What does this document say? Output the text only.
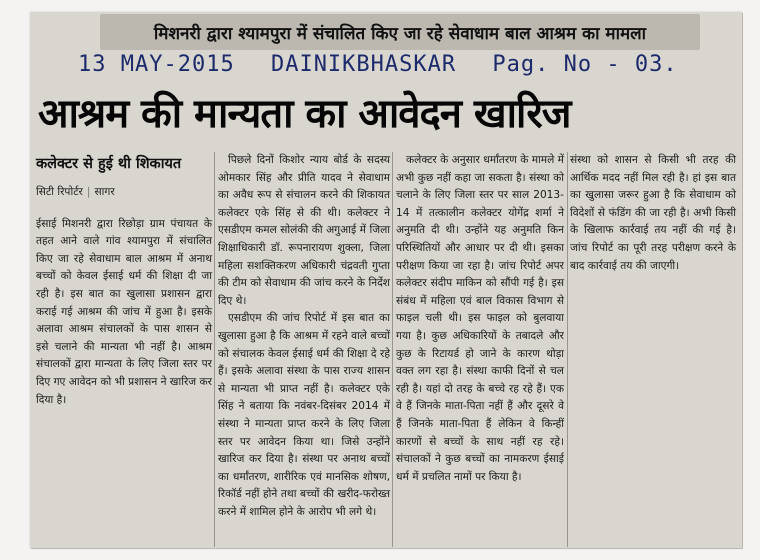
मिशनरी द्वारा श्यामपुरा में संचालित किए जा रहे सेवाधाम बाल आश्रम का मामला
13 MAY-2015 DAINIKBHASKAR Pag. No - 03.
आश्रम की मान्यता का आवेदन खारिज
कलेक्टर से हुई थी शिकायत
सिटी रिपोर्टर | सागर

ईसाई मिशनरी द्वारा रिछोड़ा ग्राम पंचायत के तहत आने वाले गांव श्यामपुरा में संचालित किए जा रहे सेवाधाम बाल आश्रम में अनाथ बच्चों को केवल ईसाई धर्म की शिक्षा दी जा रही है। इस बात का खुलासा प्रशासन द्वारा कराई गई आश्रम की जांच में हुआ है। इसके अलावा आश्रम संचालकों के पास शासन से इसे चलाने की मान्यता भी नहीं है। आश्रम संचालकों द्वारा मान्यता के लिए जिला स्तर पर दिए गए आवेदन को भी प्रशासन ने खारिज कर दिया है।

पिछले दिनों किशोर न्याय बोर्ड के सदस्य ओमकार सिंह और प्रीति यादव ने सेवाधाम का अवैध रूप से संचालन करने की शिकायत कलेक्टर एके सिंह से की थी। कलेक्टर ने एसडीएम कमल सोलंकी की अगुआई में जिला शिक्षाधिकारी डॉ. रूपनारायण शुक्ला, जिला महिला सशक्तिकरण अधिकारी चंद्रवती गुप्ता की टीम को सेवाधाम की जांच करने के निर्देश दिए थे।

एसडीएम की जांच रिपोर्ट में इस बात का खुलासा हुआ है कि आश्रम में रहने वाले बच्चों को संचालक केवल ईसाई धर्म की शिक्षा दे रहे हैं। इसके अलावा संस्था के पास राज्य शासन से मान्यता भी प्राप्त नहीं है। कलेक्टर एके सिंह ने बताया कि नवंबर-दिसंबर 2014 में संस्था ने मान्यता प्राप्त करने के लिए जिला स्तर पर आवेदन किया था। जिसे उन्होंने खारिज कर दिया है। संस्था पर अनाथ बच्चों का धर्मांतरण, शारीरिक एवं मानसिक शोषण, रिकॉर्ड नहीं होने तथा बच्चों की खरीद-फरोख्त करने में शामिल होने के आरोप भी लगे थे।

कलेक्टर के अनुसार धर्मांतरण के मामले में अभी कुछ नहीं कहा जा सकता है। संस्था को चलाने के लिए जिला स्तर पर साल 2013-14 में तत्कालीन कलेक्टर योगेंद्र शर्मा ने अनुमति दी थी। उन्होंने यह अनुमति किन परिस्थितियों और आधार पर दी थी। इसका परीक्षण किया जा रहा है। जांच रिपोर्ट अपर कलेक्टर संदीप माकिन को सौंपी गई है। इस संबंध में महिला एवं बाल विकास विभाग से फाइल चली थी। इस फाइल को बुलवाया गया है। कुछ अधिकारियों के तबादले और कुछ के रिटायर्ड हो जाने के कारण थोड़ा वक्त लग रहा है। संस्था काफी दिनों से चल रही है। यहां दो तरह के बच्चे रह रहे हैं। एक वे हैं जिनके माता-पिता नहीं हैं और दूसरे वे हैं जिनके माता-पिता हैं लेकिन वे किन्हीं कारणों से बच्चों के साथ नहीं रह रहे। संचालकों ने कुछ बच्चों का नामकरण ईसाई धर्म में प्रचलित नामों पर किया है।

संस्था को शासन से किसी भी तरह की आर्थिक मदद नहीं मिल रही है। हां इस बात का खुलासा जरूर हुआ है कि सेवाधाम को विदेशों से फंडिंग की जा रही है। अभी किसी के खिलाफ कार्रवाई तय नहीं की गई है। जांच रिपोर्ट का पूरी तरह परीक्षण करने के बाद कार्रवाई तय की जाएगी।
